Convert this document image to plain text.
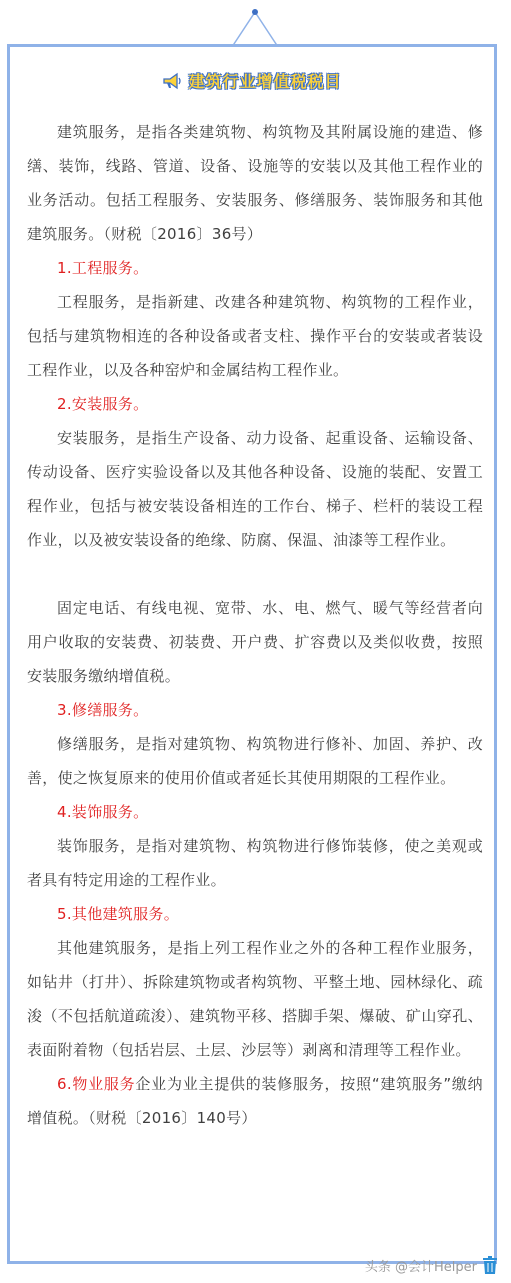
建筑行业增值税税目

建筑服务，是指各类建筑物、构筑物及其附属设施的建造、修缮、装饰，线路、管道、设备、设施等的安装以及其他工程作业的业务活动。包括工程服务、安装服务、修缮服务、装饰服务和其他建筑服务。（财税〔2016〕36号）

1.工程服务。

工程服务，是指新建、改建各种建筑物、构筑物的工程作业，包括与建筑物相连的各种设备或者支柱、操作平台的安装或者装设工程作业，以及各种窑炉和金属结构工程作业。

2.安装服务。

安装服务，是指生产设备、动力设备、起重设备、运输设备、传动设备、医疗实验设备以及其他各种设备、设施的装配、安置工程作业，包括与被安装设备相连的工作台、梯子、栏杆的装设工程作业，以及被安装设备的绝缘、防腐、保温、油漆等工程作业。

固定电话、有线电视、宽带、水、电、燃气、暖气等经营者向用户收取的安装费、初装费、开户费、扩容费以及类似收费，按照安装服务缴纳增值税。

3.修缮服务。

修缮服务，是指对建筑物、构筑物进行修补、加固、养护、改善，使之恢复原来的使用价值或者延长其使用期限的工程作业。

4.装饰服务。

装饰服务，是指对建筑物、构筑物进行修饰装修，使之美观或者具有特定用途的工程作业。

5.其他建筑服务。

其他建筑服务，是指上列工程作业之外的各种工程作业服务，如钻井（打井）、拆除建筑物或者构筑物、平整土地、园林绿化、疏浚（不包括航道疏浚）、建筑物平移、搭脚手架、爆破、矿山穿孔、表面附着物（包括岩层、土层、沙层等）剥离和清理等工程作业。

6.物业服务企业为业主提供的装修服务，按照“建筑服务”缴纳增值税。（财税〔2016〕140号）

头条 @会计Helper
